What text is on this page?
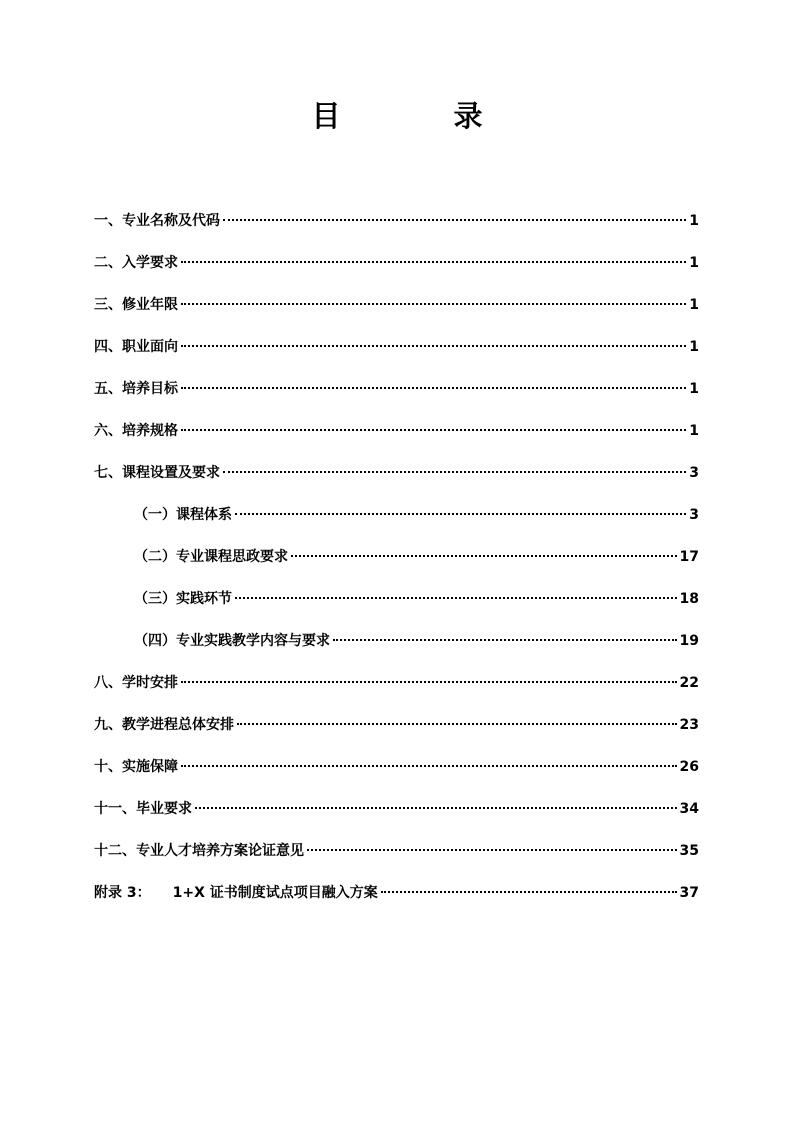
目　录
一、专业名称及代码	1
二、入学要求	1
三、修业年限	1
四、职业面向	1
五、培养目标	1
六、培养规格	1
七、课程设置及要求	3
（一）课程体系	3
（二）专业课程思政要求	17
（三）实践环节	18
（四）专业实践教学内容与要求	19
八、学时安排	22
九、教学进程总体安排	23
十、实施保障	26
十一、毕业要求	34
十二、专业人才培养方案论证意见	35
附录 3： 1+X 证书制度试点项目融入方案	37
